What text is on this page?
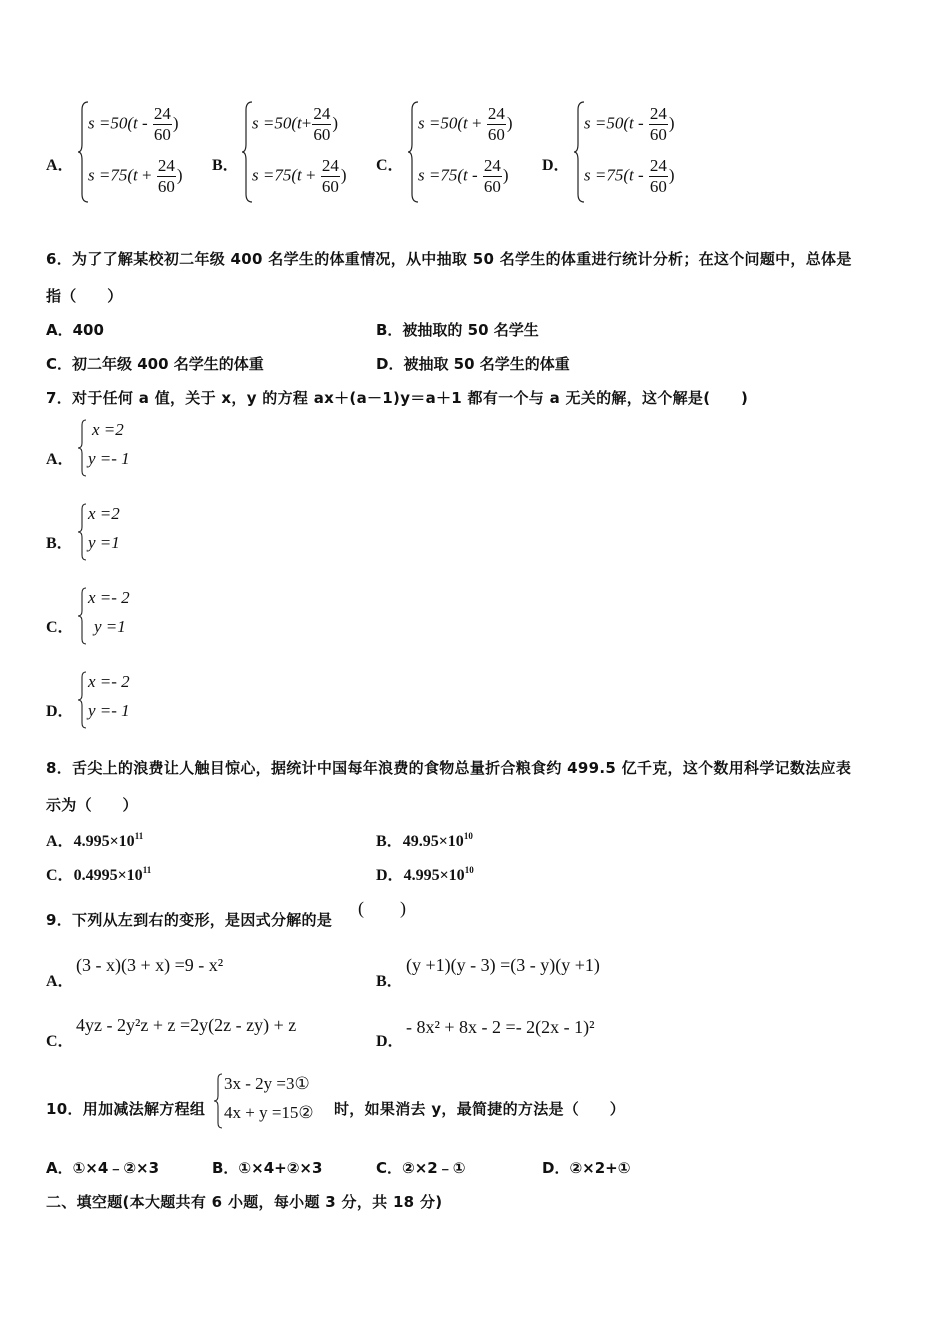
A．
$s =50(t - \frac{24}{60}$ )
$s =75(t + \frac{24}{60}$ ) B．
$s =50(t+ \frac{24}{60}$ )
$s =75(t + \frac{24}{60}$ ) C．
$s =50(t + \frac{24}{60}$ )
$s =75(t - \frac{24}{60}$ ) D．
$s =50(t - \frac{24}{60}$ )
$s =75(t - \frac{24}{60}$ )
6．为了了解某校初二年级 400 名学生的体重情况，从中抽取 50 名学生的体重进行统计分析；在这个问题中，总体是
指（　　）
A．400	B．被抽取的 50 名学生
C．初二年级 400 名学生的体重	D．被抽取 50 名学生的体重
7．对于任何 a 值，关于 x，y 的方程 ax＋(a－1)y＝a＋1 都有一个与 a 无关的解，这个解是(　　)
A．
x =2
y =- 1
B．
x =2
y =1
C．
x =- 2
y =1
D．
x =- 2
y =- 1
8．舌尖上的浪费让人触目惊心，据统计中国每年浪费的食物总量折合粮食约 499.5 亿千克，这个数用科学记数法应表
示为（　　）
A．$4.995\times 10^{11}$	B．$49.95\times 10^{10}$
C．$0.4995\times 10^{11}$	D．$4.995\times 10^{10}$
9．下列从左到右的变形，是因式分解的是
(　　)
A．
(3 - x)(3 + x) =9 - x²
B．
(y +1)(y - 3) =(3 - y)(y +1)
C．
4yz - 2y²z + z =2y(2z - zy) + z
D．
- 8x² + 8x - 2 =- 2(2x - 1)²
10．用加减法解方程组
3x - 2y =3①
4x + y =15② 时，如果消去 y，最简捷的方法是（　　）
A．①×4﹣②×3	B．①×4+②×3	C．②×2﹣①	D．②×2+①
二、填空题(本大题共有 6 小题，每小题 3 分，共 18 分)
